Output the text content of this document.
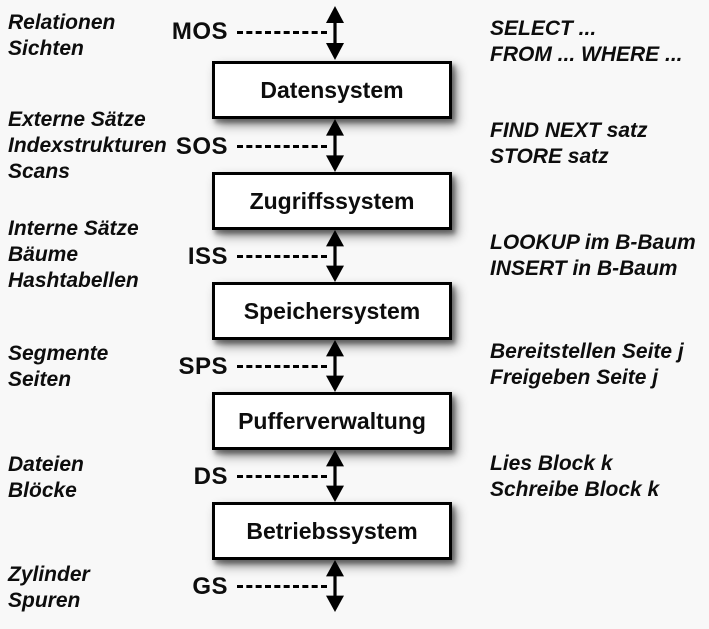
Datensystem
Zugriffssystem
Speichersystem
Pufferverwaltung
Betriebssystem
Relationen
Sichten
MOS	SELECT ...
FROM ... WHERE ...
Externe Sätze
Indexstrukturen
Scans
SOS
FIND NEXT satz
STORE satz
Interne Sätze
Bäume
Hashtabellen
ISS
LOOKUP im B-Baum
INSERT in B-Baum
Segmente
Seiten	SPS
Bereitstellen Seite j
Freigeben Seite j
Dateien
Blöcke
DS	Lies Block k
Schreibe Block k
Zylinder
Spuren
GS
